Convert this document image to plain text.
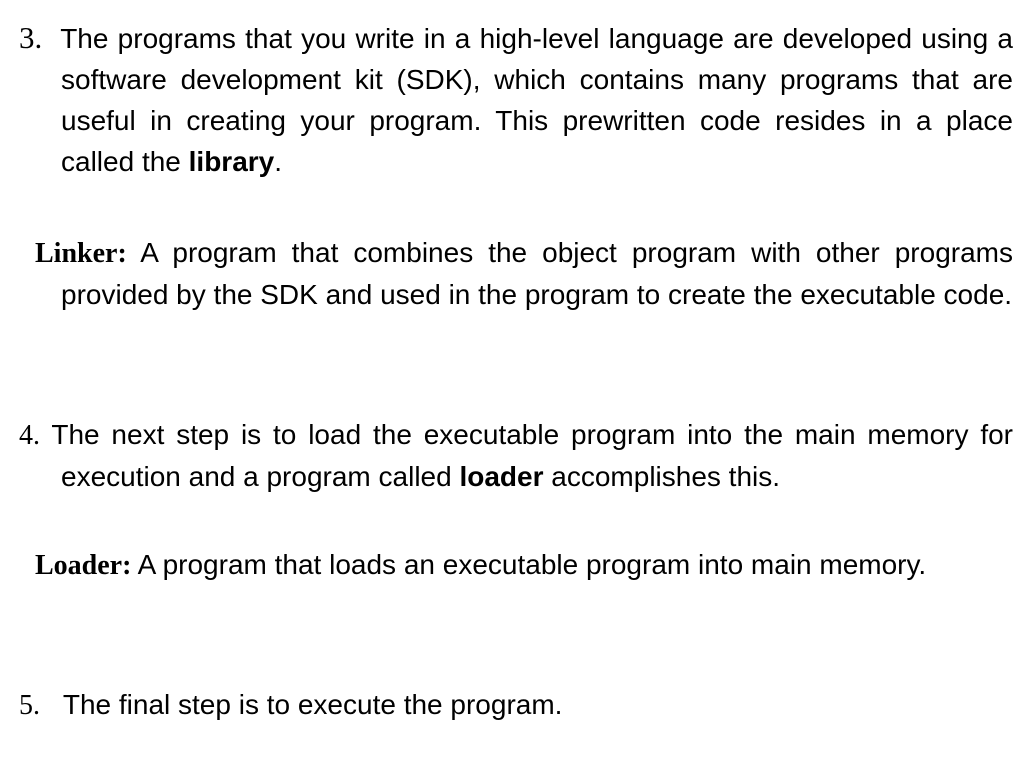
3. The programs that you write in a high-level language are developed using a software development kit (SDK), which contains many programs that are useful in creating your program. This prewritten code resides in a place called the library.

Linker: A program that combines the object program with other programs provided by the SDK and used in the program to create the executable code.

4. The next step is to load the executable program into the main memory for execution and a program called loader accomplishes this.

Loader: A program that loads an executable program into main memory.

5. The final step is to execute the program.
